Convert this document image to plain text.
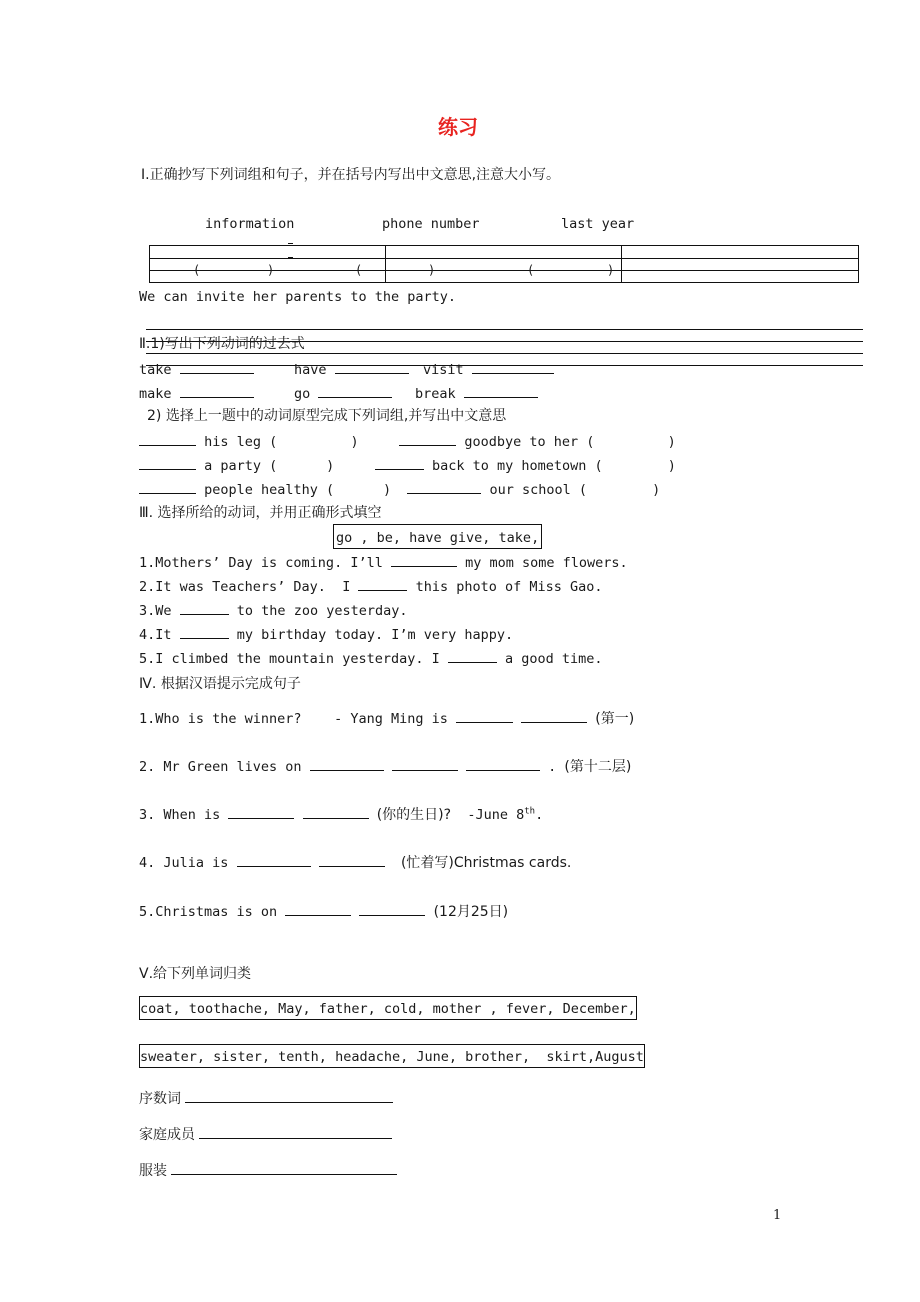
练习
Ⅰ.正确抄写下列词组和句子，并在括号内写出中文意思,注意大小写。
information	phone number	last year
(	)	(	)	(	)
We can invite her parents to the party.
Ⅱ.1)写出下列动词的过去式
take	have	visit
make	go	break
2) 选择上一题中的动词原型完成下列词组,并写出中文意思
his leg (	)	goodbye to her (	)
a party (	)	back to my hometown (	)
people healthy (	)	our school (	)
Ⅲ. 选择所给的动词，并用正确形式填空
go , be, have give, take,
1.Mothers’ Day is coming. I’ll	my mom some flowers.
2.It was Teachers’ Day.  I	this photo of Miss Gao.
3.We	to the zoo yesterday.
4.It	my birthday today. I’m very happy.
5.I climbed the mountain yesterday. I	a good time.
Ⅳ. 根据汉语提示完成句子
1.Who is the winner? - Yang Ming is	(第一)
2. Mr Green lives on	. (第十二层)
3. When is	(你的生日)? -June 8th.
4. Julia is	(忙着写)Christmas cards.
5.Christmas is on	(12月25日)
Ⅴ.给下列单词归类
coat, toothache, May, father, cold, mother , fever, December,
sweater, sister, tenth, headache, June, brother,  skirt,August
序数词
家庭成员
服装
1
